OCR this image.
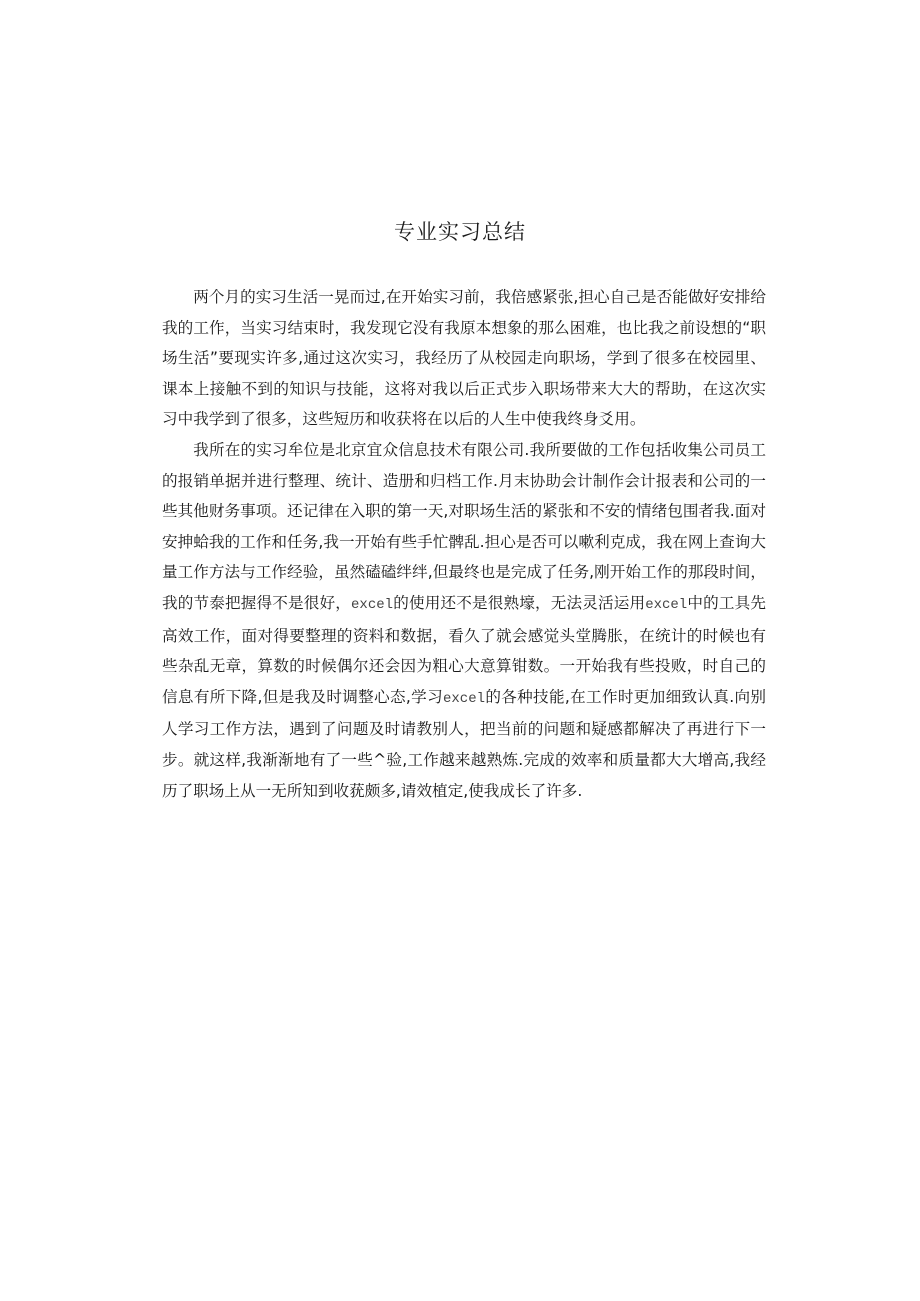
专业实习总结

两个月的实习生活一晃而过,在开始实习前，我倍感紧张,担心自己是否能做好安排给我的工作，当实习结束时，我发现它没有我原本想象的那么困难，也比我之前设想的“职场生活”要现实许多,通过这次实习，我经历了从校园走向职场，学到了很多在校园里、课本上接触不到的知识与技能，这将对我以后正式步入职场带来大大的帮助，在这次实习中我学到了很多，这些短历和收获将在以后的人生中使我终身爻用。

我所在的实习牟位是北京宜众信息技术有限公司.我所要做的工作包括收集公司员工的报销单据并进行整理、统计、造册和归档工作.月末协助会计制作会计报表和公司的一些其他财务事项。还记律在入职的第一天,对职场生活的紧张和不安的情绪包围者我.面对安抻蛤我的工作和任务,我一开始有些手忙髀乱.担心是否可以嗽利克成，我在网上查询大量工作方法与工作经验，虽然磕磕绊绊,但最终也是完成了任务,刚开始工作的那段时间，我的节泰把握得不是很好，excel的使用还不是很熟壕，无法灵活运用excel中的工具先高效工作，面对得要整理的资料和数据，看久了就会感觉头堂腾胀，在统计的时候也有些杂乱无章，算数的时候偶尔还会因为粗心大意算钳数。一开始我有些投败，时自己的信息有所下降,但是我及时调整心态,学习excel的各种技能,在工作时更加细致认真.向别人学习工作方法，遇到了问题及时请教别人，把当前的问题和疑感都解决了再进行下一步。就这样,我渐渐地有了一些^验,工作越来越熟炼.完成的效率和质量都大大增高,我经历了职场上从一无所知到收莸颇多,请效植定,使我成长了许多.
